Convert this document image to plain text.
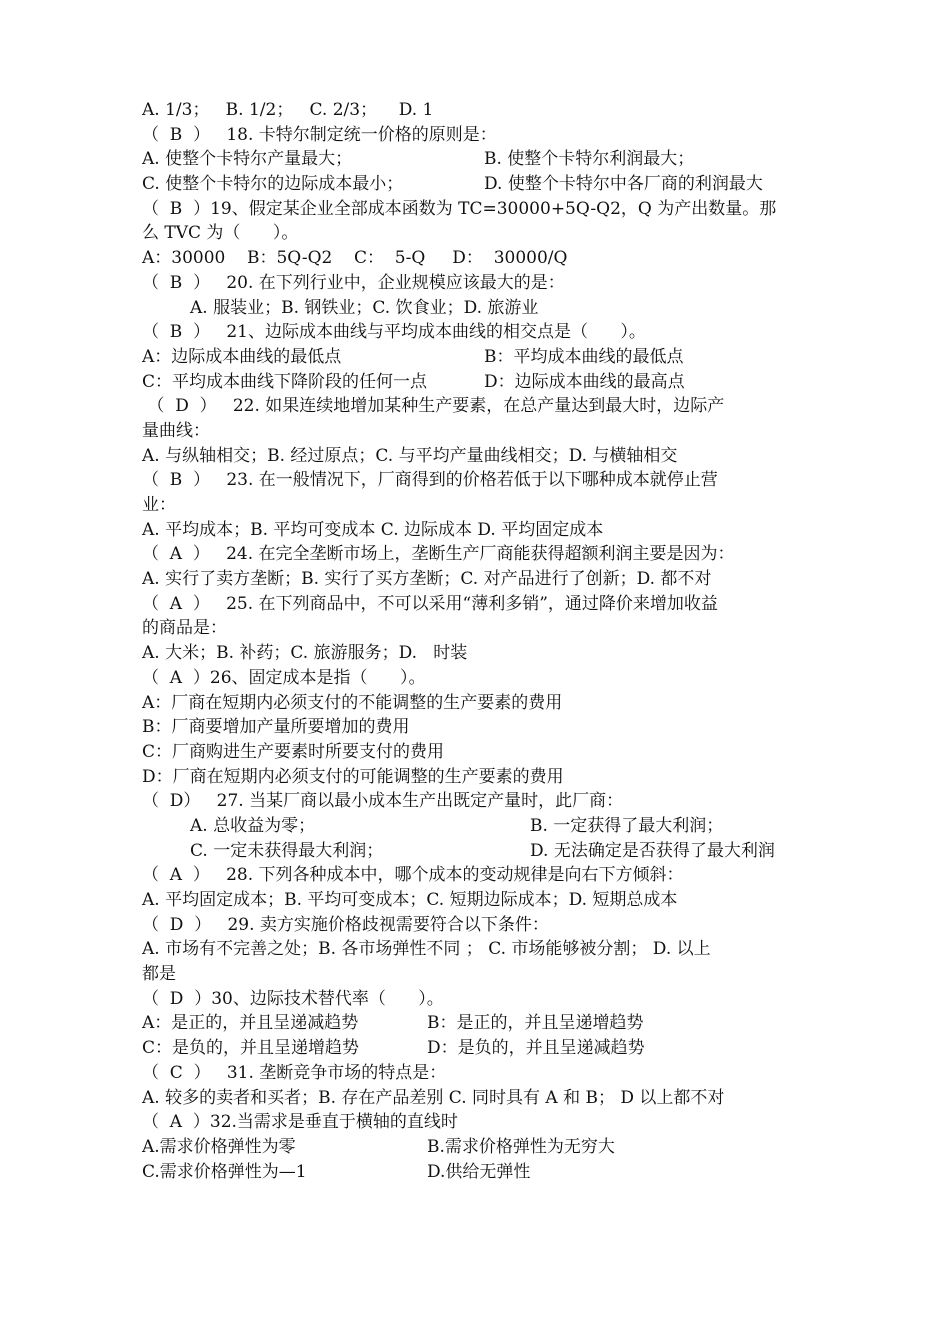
A. 1/3；   B. 1/2；   C. 2/3；    D. 1
（  B  ）   18. 卡特尔制定统一价格的原则是：
A. 使整个卡特尔产量最大；	B. 使整个卡特尔利润最大；
C. 使整个卡特尔的边际成本最小；	D. 使整个卡特尔中各厂商的利润最大
（  B  ）19、假定某企业全部成本函数为 TC=30000+5Q-Q2，Q 为产出数量。那
么 TVC 为（      ）。
A：30000    B：5Q-Q2    C：  5-Q     D：  30000/Q
（  B  ）   20. 在下列行业中，企业规模应该最大的是：
A. 服装业；B. 钢铁业；C. 饮食业；D. 旅游业
（  B  ）   21、边际成本曲线与平均成本曲线的相交点是（      ）。
A：边际成本曲线的最低点	B：平均成本曲线的最低点
C：平均成本曲线下降阶段的任何一点	D：边际成本曲线的最高点
（  D  ）   22. 如果连续地增加某种生产要素，在总产量达到最大时，边际产
量曲线：
A. 与纵轴相交；B. 经过原点；C. 与平均产量曲线相交；D. 与横轴相交
（  B  ）   23. 在一般情况下，厂商得到的价格若低于以下哪种成本就停止营
业：
A. 平均成本；B. 平均可变成本 C. 边际成本 D. 平均固定成本
（  A  ）   24. 在完全垄断市场上，垄断生产厂商能获得超额利润主要是因为：
A. 实行了卖方垄断；B. 实行了买方垄断；C. 对产品进行了创新；D. 都不对
（  A  ）   25. 在下列商品中，不可以采用“薄利多销”，通过降价来增加收益
的商品是：
A. 大米；B. 补药；C. 旅游服务；D.   时装
（  A  ）26、固定成本是指（      ）。
A：厂商在短期内必须支付的不能调整的生产要素的费用
B：厂商要增加产量所要增加的费用
C：厂商购进生产要素时所要支付的费用
D：厂商在短期内必须支付的可能调整的生产要素的费用
（  D）   27. 当某厂商以最小成本生产出既定产量时，此厂商：
A. 总收益为零；	B. 一定获得了最大利润；
C. 一定未获得最大利润；	D. 无法确定是否获得了最大利润
（  A  ）   28. 下列各种成本中，哪个成本的变动规律是向右下方倾斜：
A. 平均固定成本；B. 平均可变成本；C. 短期边际成本；D. 短期总成本
（  D  ）   29. 卖方实施价格歧视需要符合以下条件：
A. 市场有不完善之处；B. 各市场弹性不同 ； C. 市场能够被分割； D. 以上
都是
（  D  ）30、边际技术替代率（      ）。
A：是正的，并且呈递减趋势	B：是正的，并且呈递增趋势
C：是负的，并且呈递增趋势	D：是负的，并且呈递减趋势
（  C  ）   31. 垄断竞争市场的特点是：
A. 较多的卖者和买者；B. 存在产品差别 C. 同时具有 A 和 B； D 以上都不对
（  A  ）32.当需求是垂直于横轴的直线时
A.需求价格弹性为零	B.需求价格弹性为无穷大
C.需求价格弹性为—1	D.供给无弹性
